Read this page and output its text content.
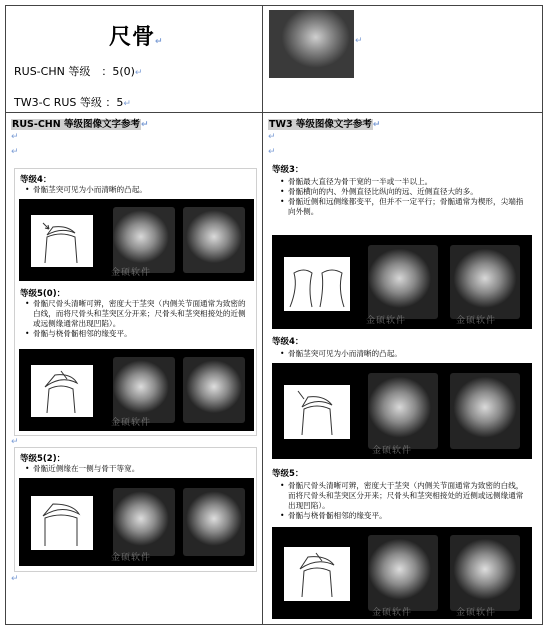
尺骨↵
RUS-CHN 等级　：5(0)↵
TW3-C RUS 等级 ：5↵
↵
RUS-CHN 等级图像文字参考↵
↵
↵
等级4：
• 骨骺茎突可见为小而清晰的凸起。
金硕软件
等级5(0)：
• 骨骺尺骨头清晰可辨，密度大于茎突（内侧关节面通常为致密的白线，而将尺骨头和茎突区分开来；尺骨头和茎突相接处的近侧或远侧缘通常出现凹陷）。
• 骨骺与桡骨骺相邻的缘变平。
金硕软件
↵
等级5(2)：
• 骨骺近侧缘在一侧与骨干等宽。
金硕软件
↵
TW3 等级图像文字参考↵
↵
↵
等级3：
• 骨骺最大直径为骨干宽的一半或一半以上。
• 骨骺横向的内、外侧直径比纵向的远、近侧直径大的多。
• 骨骺近侧和远侧缘都变平，但并不一定平行；骨骺通常为楔形，尖端指向外侧。
金硕软件	金硕软件
等级4：
• 骨骺茎突可见为小而清晰的凸起。
金硕软件
等级5：
• 骨骺尺骨头清晰可辨，密度大于茎突（内侧关节面通常为致密的白线，而将尺骨头和茎突区分开来；尺骨头和茎突相接处的近侧或远侧缘通常出现凹陷）。
• 骨骺与桡骨骺相邻的缘变平。
金硕软件	金硕软件
